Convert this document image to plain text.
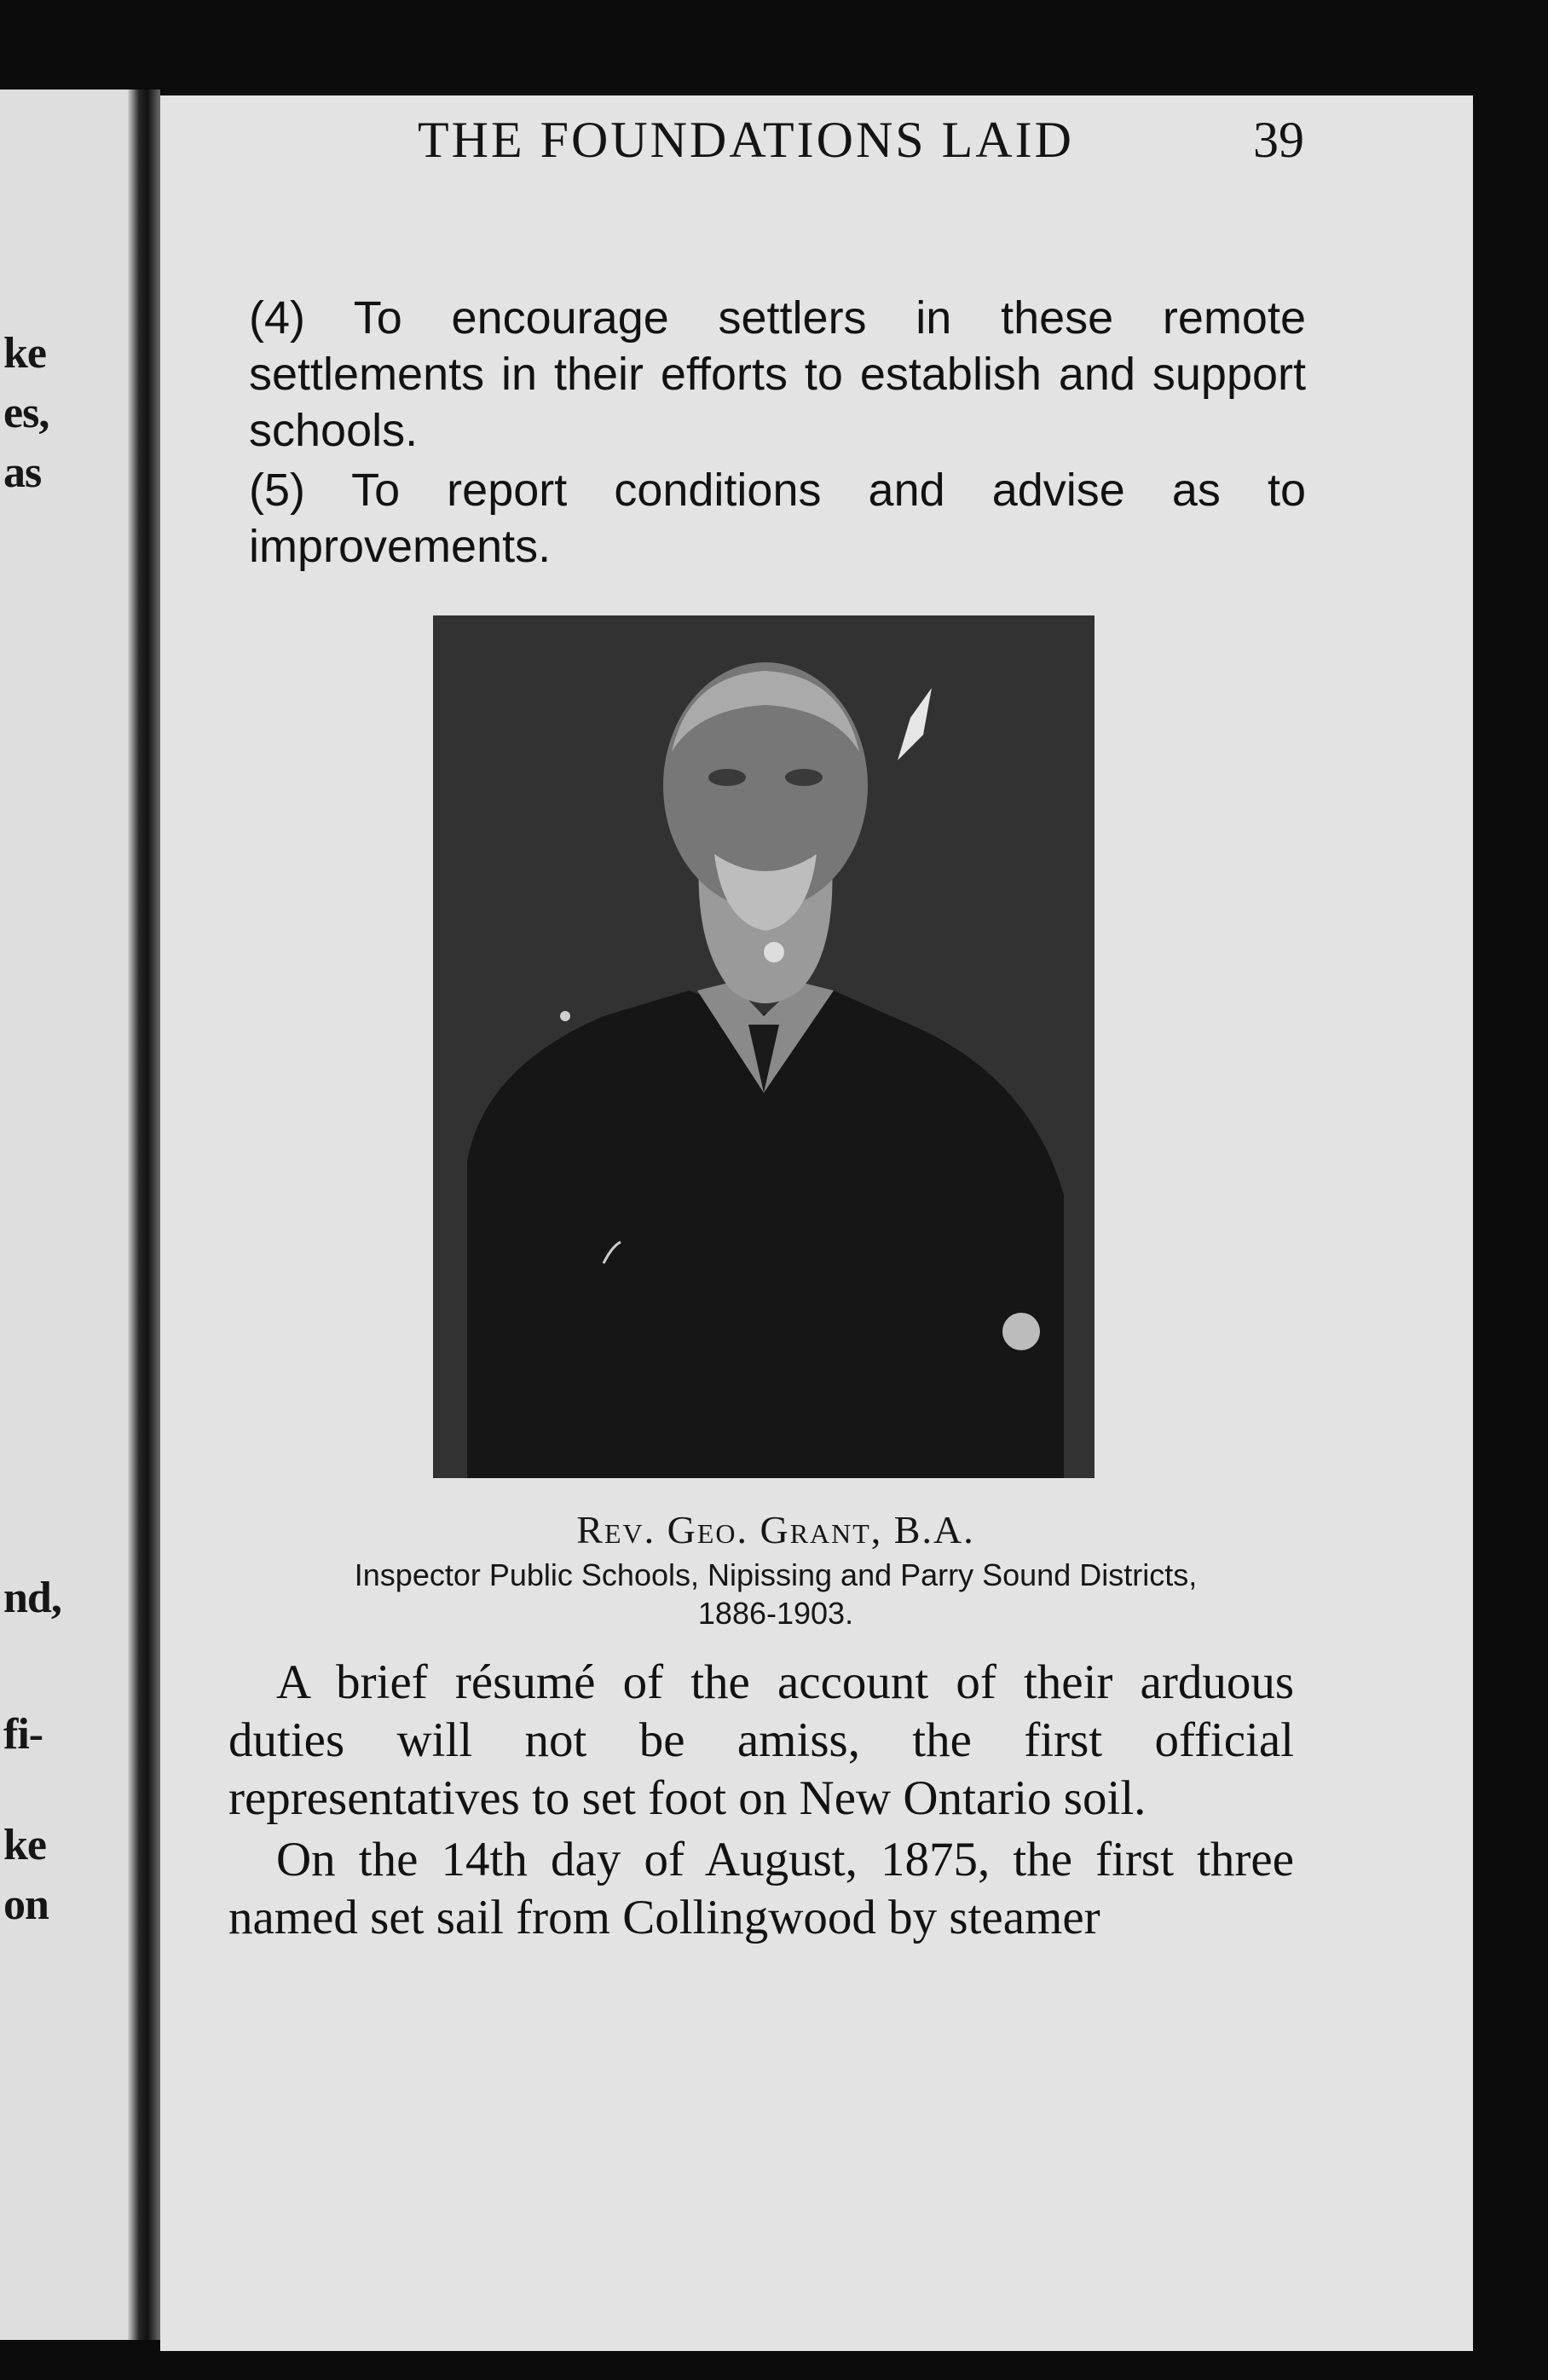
ke
es,
as
nd,
fi-
ke
on
THE FOUNDATIONS LAID	39

(4) To encourage settlers in these remote settlements in their efforts to establish and support schools.

(5) To report conditions and advise as to improvements.

Rev. Geo. Grant, B.A.
Inspector Public Schools, Nipissing and Parry Sound Districts,
1886-1903.

A brief résumé of the account of their arduous duties will not be amiss, the first official representatives to set foot on New Ontario soil.

On the 14th day of August, 1875, the first three named set sail from Collingwood by steamer
